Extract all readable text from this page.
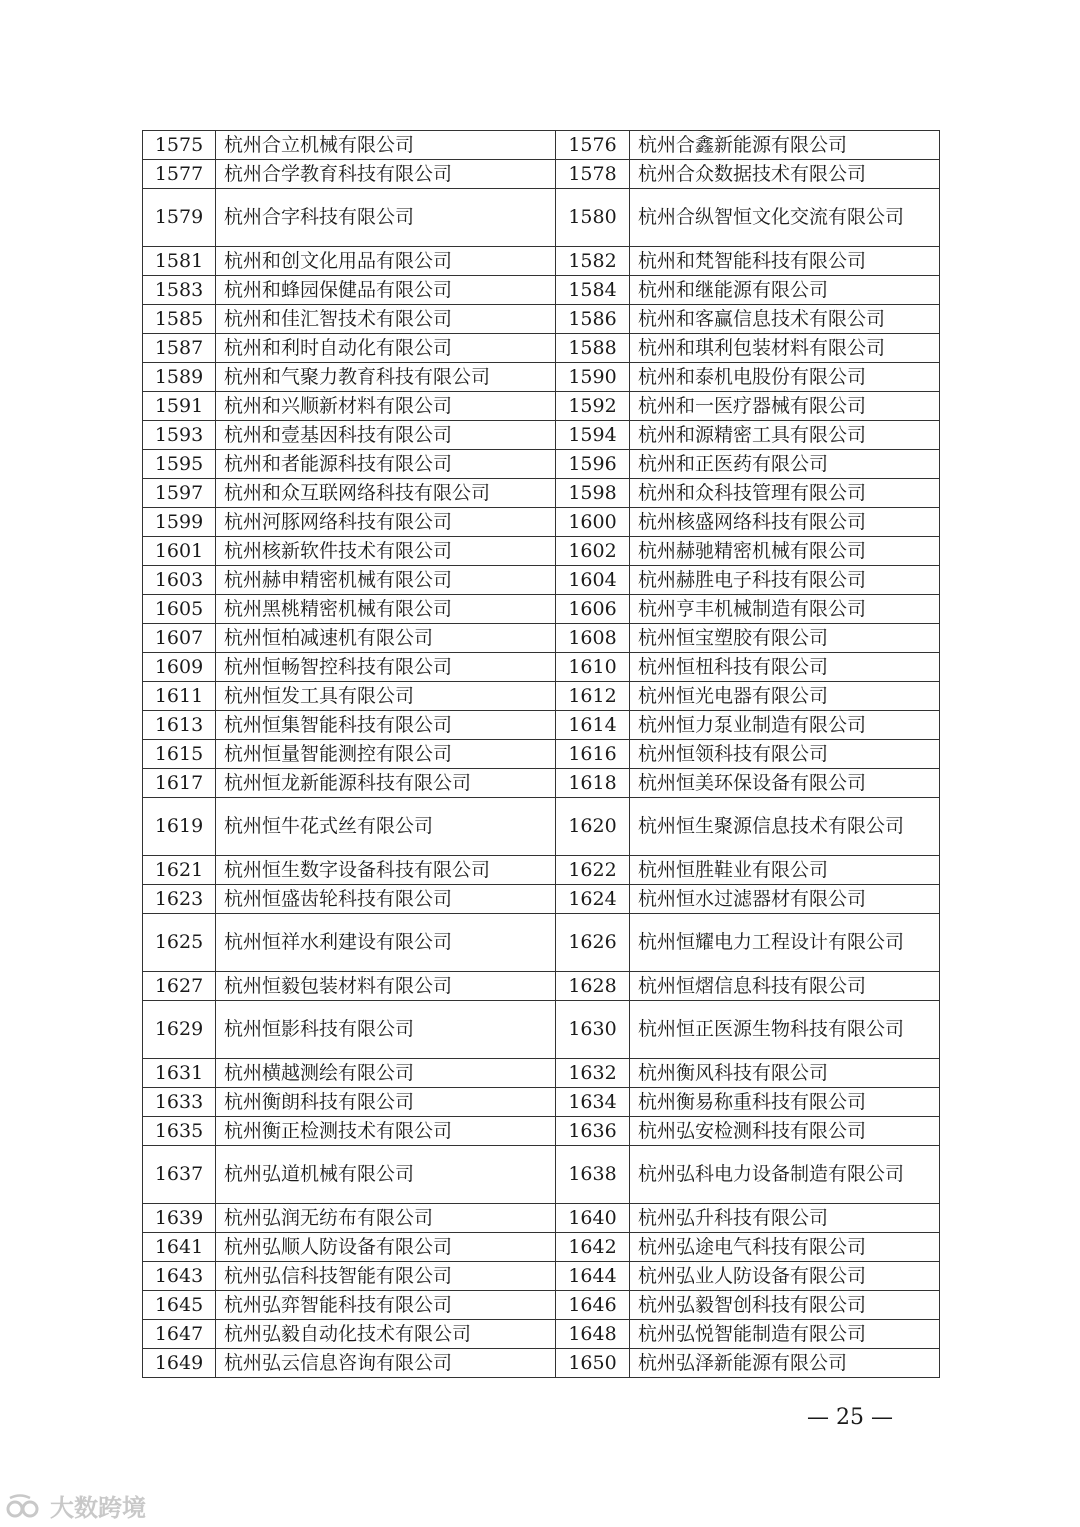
1575	杭州合立机械有限公司	1576	杭州合鑫新能源有限公司
1577	杭州合学教育科技有限公司	1578	杭州合众数据技术有限公司
1579	杭州合字科技有限公司	1580	杭州合纵智恒文化交流有限公司
1581	杭州和创文化用品有限公司	1582	杭州和梵智能科技有限公司
1583	杭州和蜂园保健品有限公司	1584	杭州和继能源有限公司
1585	杭州和佳汇智技术有限公司	1586	杭州和客赢信息技术有限公司
1587	杭州和利时自动化有限公司	1588	杭州和琪利包装材料有限公司
1589	杭州和气聚力教育科技有限公司	1590	杭州和泰机电股份有限公司
1591	杭州和兴顺新材料有限公司	1592	杭州和一医疗器械有限公司
1593	杭州和壹基因科技有限公司	1594	杭州和源精密工具有限公司
1595	杭州和者能源科技有限公司	1596	杭州和正医药有限公司
1597	杭州和众互联网络科技有限公司	1598	杭州和众科技管理有限公司
1599	杭州河豚网络科技有限公司	1600	杭州核盛网络科技有限公司
1601	杭州核新软件技术有限公司	1602	杭州赫驰精密机械有限公司
1603	杭州赫申精密机械有限公司	1604	杭州赫胜电子科技有限公司
1605	杭州黑桃精密机械有限公司	1606	杭州亨丰机械制造有限公司
1607	杭州恒柏减速机有限公司	1608	杭州恒宝塑胶有限公司
1609	杭州恒畅智控科技有限公司	1610	杭州恒杻科技有限公司
1611	杭州恒发工具有限公司	1612	杭州恒光电器有限公司
1613	杭州恒集智能科技有限公司	1614	杭州恒力泵业制造有限公司
1615	杭州恒量智能测控有限公司	1616	杭州恒领科技有限公司
1617	杭州恒龙新能源科技有限公司	1618	杭州恒美环保设备有限公司
1619	杭州恒牛花式丝有限公司	1620	杭州恒生聚源信息技术有限公司
1621	杭州恒生数字设备科技有限公司	1622	杭州恒胜鞋业有限公司
1623	杭州恒盛齿轮科技有限公司	1624	杭州恒水过滤器材有限公司
1625	杭州恒祥水利建设有限公司	1626	杭州恒耀电力工程设计有限公司
1627	杭州恒毅包装材料有限公司	1628	杭州恒熠信息科技有限公司
1629	杭州恒影科技有限公司	1630	杭州恒正医源生物科技有限公司
1631	杭州横越测绘有限公司	1632	杭州衡风科技有限公司
1633	杭州衡朗科技有限公司	1634	杭州衡易称重科技有限公司
1635	杭州衡正检测技术有限公司	1636	杭州弘安检测科技有限公司
1637	杭州弘道机械有限公司	1638	杭州弘科电力设备制造有限公司
1639	杭州弘润无纺布有限公司	1640	杭州弘升科技有限公司
1641	杭州弘顺人防设备有限公司	1642	杭州弘途电气科技有限公司
1643	杭州弘信科技智能有限公司	1644	杭州弘业人防设备有限公司
1645	杭州弘弈智能科技有限公司	1646	杭州弘毅智创科技有限公司
1647	杭州弘毅自动化技术有限公司	1648	杭州弘悦智能制造有限公司
1649	杭州弘云信息咨询有限公司	1650	杭州弘泽新能源有限公司
— 25 —
大数跨境
